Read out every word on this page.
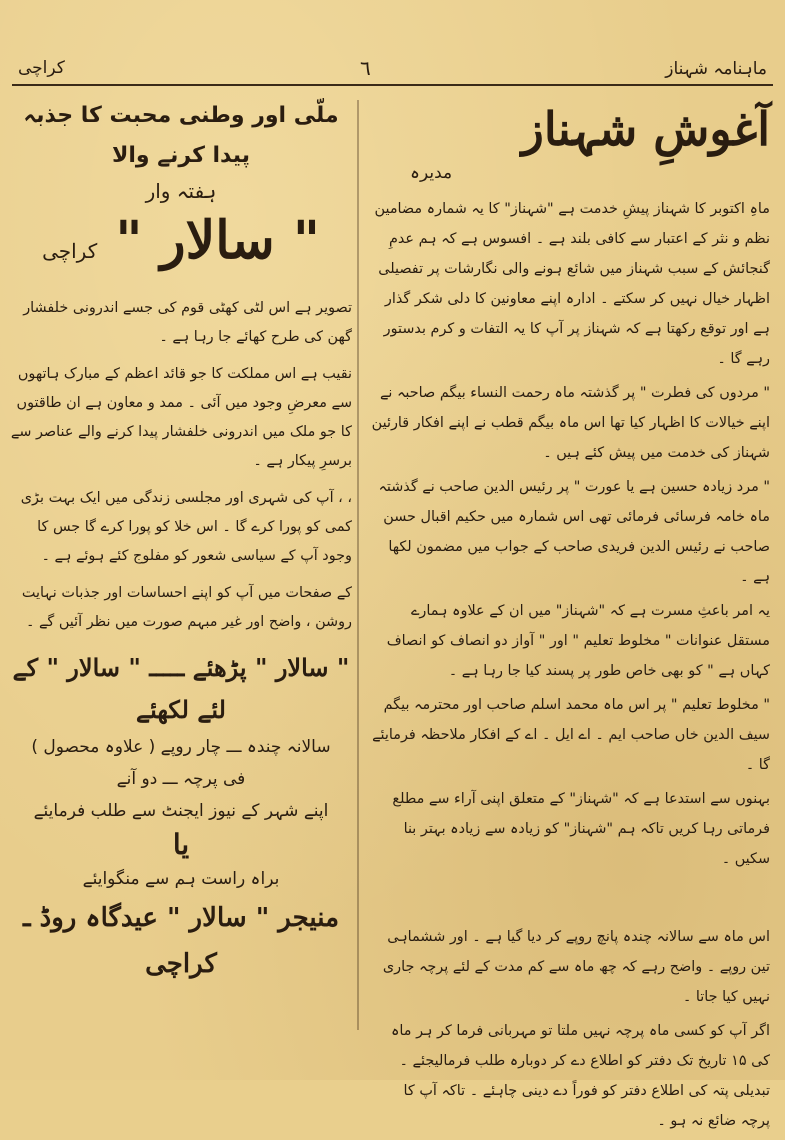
ماہنامہ شہناز
٦
کراچی
آغوشِ شہناز
مدیرہ

ماہِ اکتوبر کا شہناز پیشِ خدمت ہے "شہناز" کا یہ شمارہ مضامین نظم و نثر کے اعتبار سے کافی بلند ہے ۔ افسوس ہے کہ ہم عدمِ گنجائش کے سبب شہناز میں شائع ہونے والی نگارشات پر تفصیلی اظہار خیال نہیں کر سکتے ۔ ادارہ اپنے معاونین کا دلی شکر گذار ہے اور توقع رکھتا ہے کہ شہناز پر آپ کا یہ التفات و کرم بدستور رہے گا ۔

" مردوں کی فطرت " پر گذشتہ ماہ رحمت النساء بیگم صاحبہ نے اپنے خیالات کا اظہار کیا تھا اس ماہ بیگم قطب نے اپنے افکار قارئین شہناز کی خدمت میں پیش کئے ہیں ۔

" مرد زیادہ حسین ہے یا عورت " پر رئیس الدین صاحب نے گذشتہ ماہ خامہ فرسائی فرمائی تھی اس شمارہ میں حکیم اقبال حسن صاحب نے رئیس الدین فریدی صاحب کے جواب میں مضمون لکھا ہے ۔

یہ امر باعثِ مسرت ہے کہ "شہناز" میں ان کے علاوہ ہمارے مستقل عنوانات " مخلوط تعلیم " اور " آواز دو انصاف کو انصاف کہاں ہے " کو بھی خاص طور پر پسند کیا جا رہا ہے ۔

" مخلوط تعلیم " پر اس ماہ محمد اسلم صاحب اور محترمہ بیگم سیف الدین خاں صاحب ایم ۔ اے ایل ۔ اے کے افکار ملاحظہ فرمایئے گا ۔

بہنوں سے استدعا ہے کہ "شہناز" کے متعلق اپنی آراء سے مطلع فرماتی رہا کریں تاکہ ہم "شہناز" کو زیادہ سے زیادہ بہتر بنا سکیں ۔

اس ماہ سے سالانہ چندہ پانچ روپے کر دیا گیا ہے ۔ اور ششماہی تین روپے ۔ واضح رہے کہ چھ ماہ سے کم مدت کے لئے پرچہ جاری نہیں کیا جاتا ۔

اگر آپ کو کسی ماہ پرچہ نہیں ملتا تو مہربانی فرما کر ہر ماہ کی ۱۵ تاریخ تک دفتر کو اطلاع دے کر دوبارہ طلب فرمالیجئے ۔ تبدیلی پتہ کی اطلاع دفتر کو فوراً دے دینی چاہئے ۔ تاکہ آپ کا پرچہ ضائع نہ ہو ۔

ملّی اور وطنی محبت کا جذبہ پیدا کرنے والا
ہفتہ وار
" سالار " کراچی
تصویر ہے اس لٹی کھٹی قوم کی جسے اندرونی خلفشار گھن کی طرح کھائے جا رہا ہے ۔
نقیب ہے اس مملکت کا جو قائد اعظم کے مبارک ہاتھوں سے معرضِ وجود میں آئی ۔ ممد و معاون ہے ان طاقتوں کا جو ملک میں اندرونی خلفشار پیدا کرنے والے عناصر سے برسرِ پیکار ہے ۔
، ، آپ کی شہری اور مجلسی زندگی میں ایک بہت بڑی کمی کو پورا کرے گا ۔ اس خلا کو پورا کرے گا جس کا وجود آپ کے سیاسی شعور کو مفلوج کئے ہوئے ہے ۔
کے صفحات میں آپ کو اپنے احساسات اور جذبات نہایت روشن ، واضح اور غیر مبہم صورت میں نظر آئیں گے ۔
" سالار " پڑھئے ـــــ " سالار " کے لئے لکھئے
سالانہ چندہ ـــ چار روپے ( علاوہ محصول )
فی پرچہ ـــ دو آنے
اپنے شہر کے نیوز ایجنٹ سے طلب فرمایئے
یا
براہ راست ہم سے منگوایئے
منیجر " سالار " عیدگاہ روڈ ـ کراچی
